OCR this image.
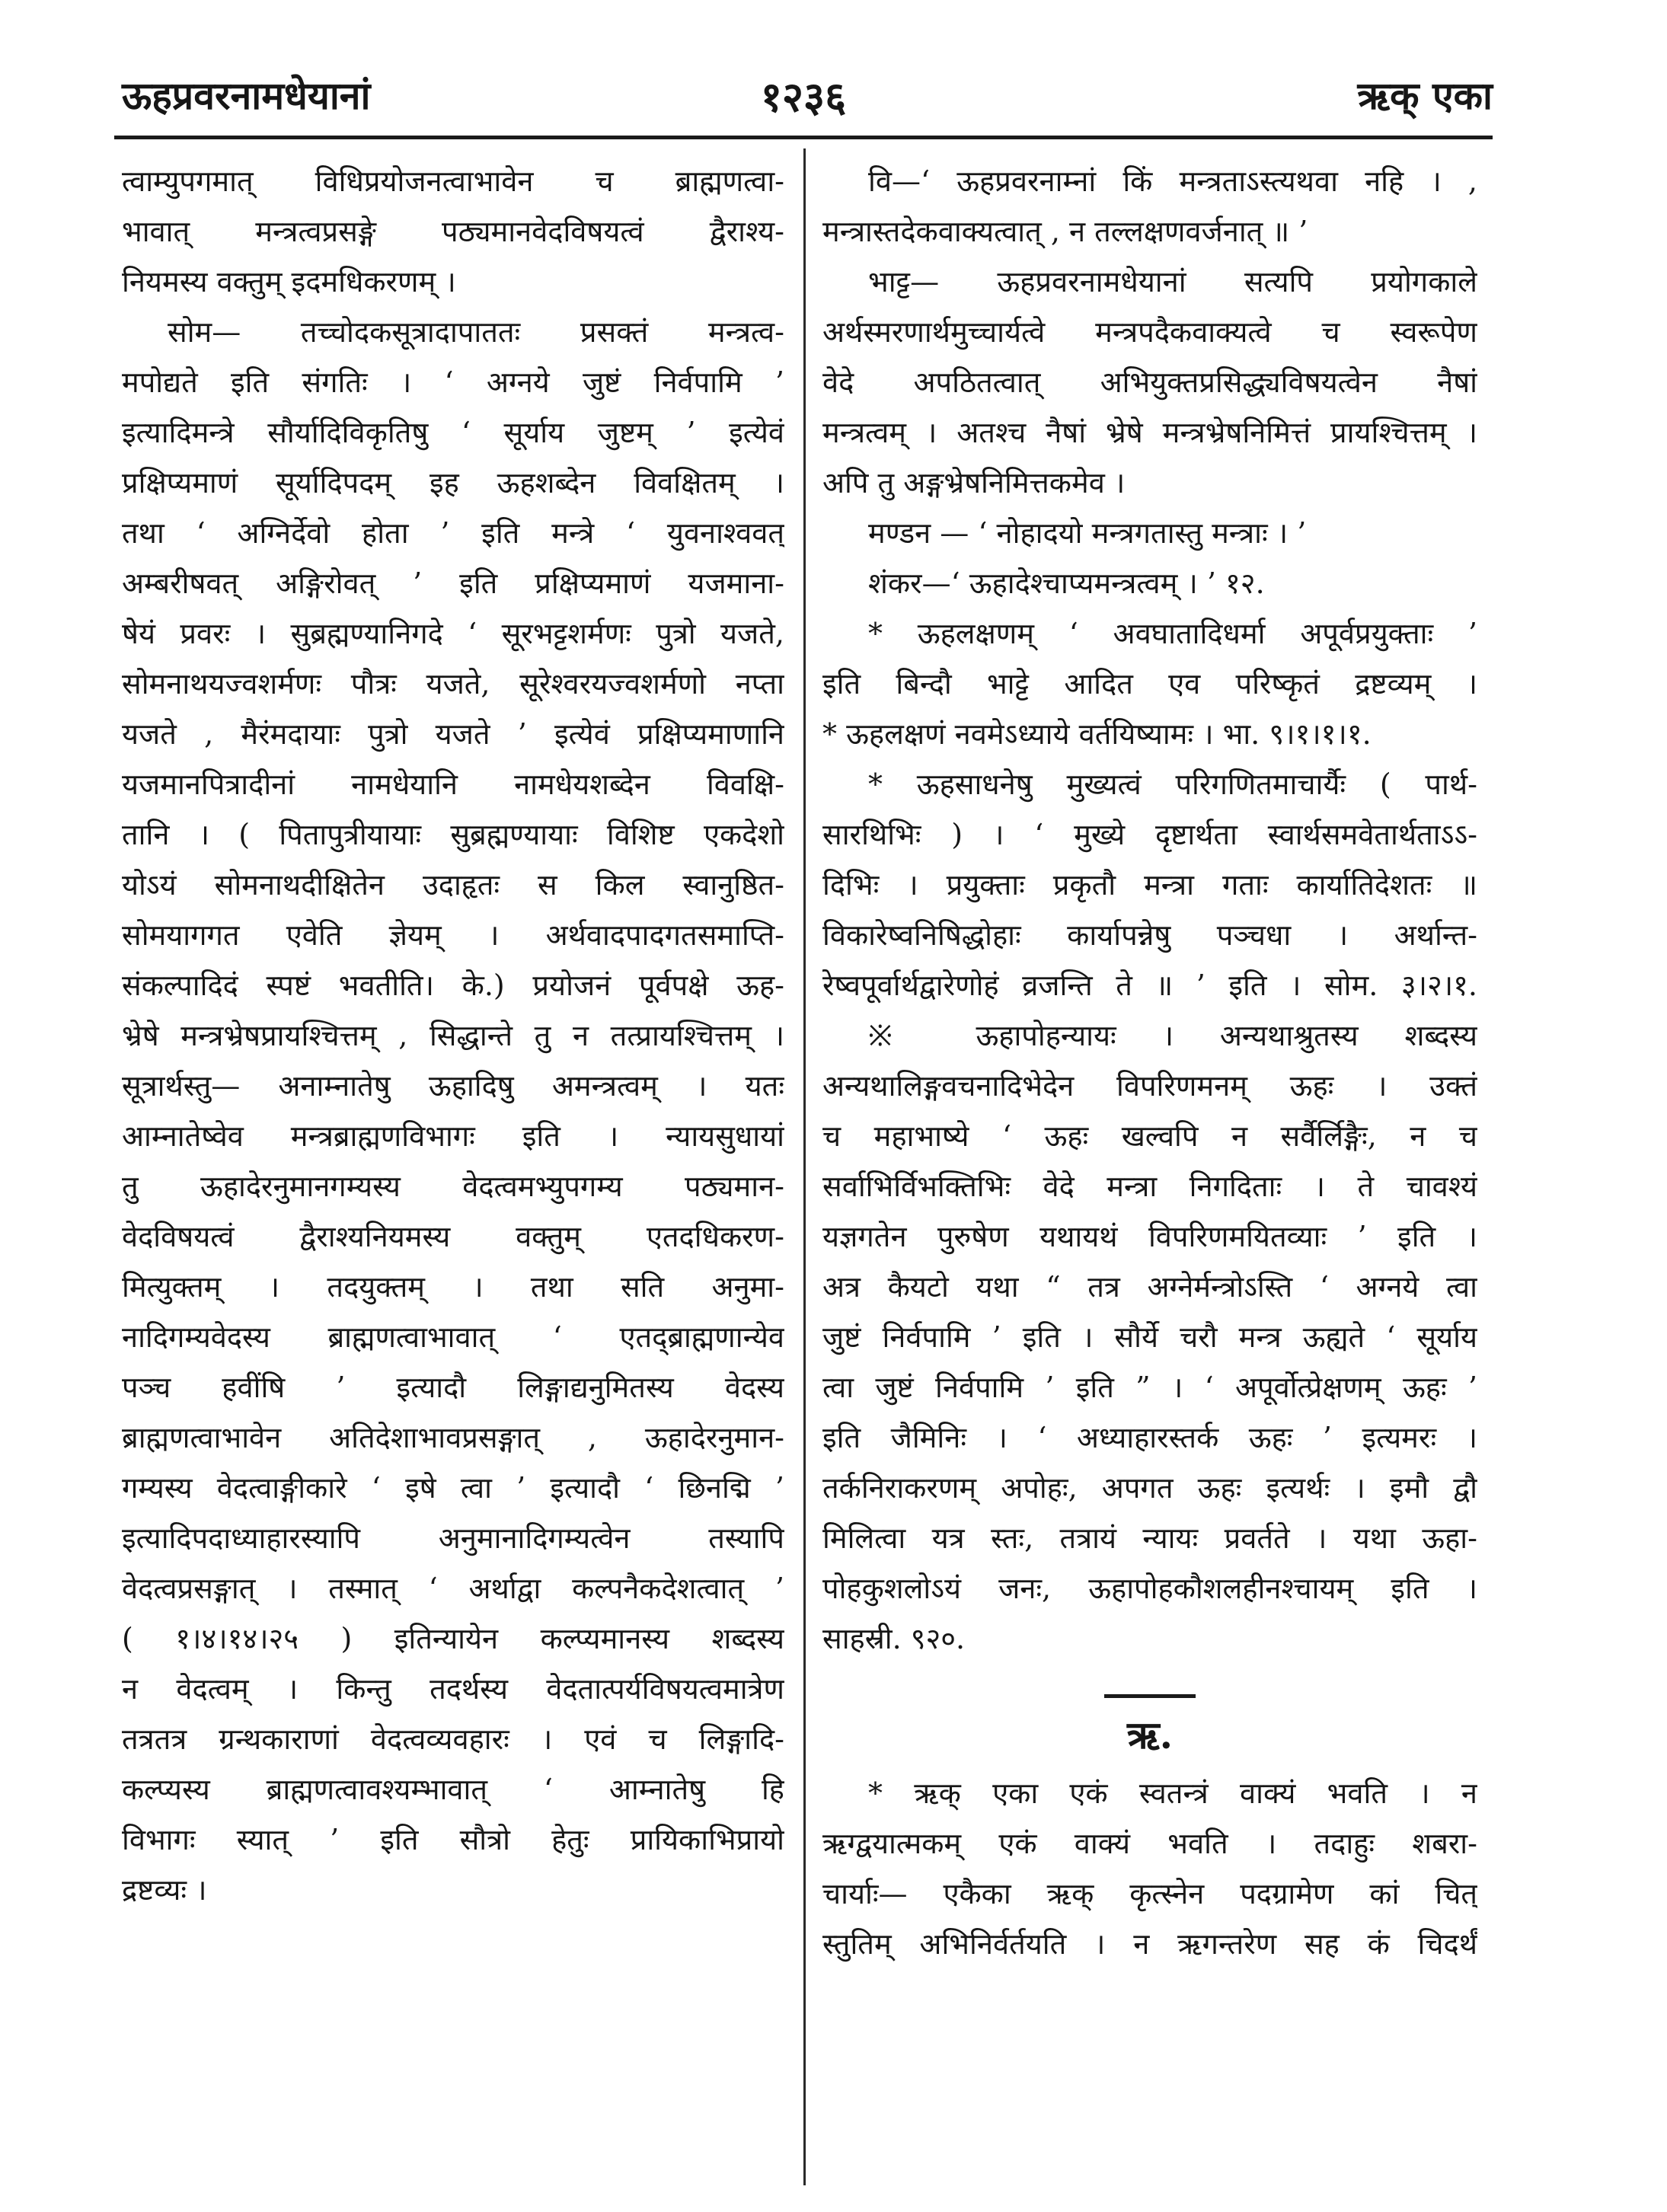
ऊहप्रवरनामधेयानां	१२३६	ऋक् एका
त्वाम्युपगमात् विधिप्रयोजनत्वाभावेन च ब्राह्मणत्वा-
भावात् मन्त्रत्वप्रसङ्गे पठ्यमानवेदविषयत्वं द्वैराश्य-
नियमस्य वक्तुम् इदमधिकरणम् ।
सोम— तच्चोदकसूत्रादापाततः प्रसक्तं मन्त्रत्व-
मपोद्यते इति संगतिः । ‘ अग्नये जुष्टं निर्वपामि ’
इत्यादिमन्त्रे सौर्यादिविकृतिषु ‘ सूर्याय जुष्टम् ’ इत्येवं
प्रक्षिप्यमाणं सूर्यादिपदम् इह ऊहशब्देन विवक्षितम् ।
तथा ‘ अग्निर्देवो होता ’ इति मन्त्रे ‘ युवनाश्ववत्
अम्बरीषवत् अङ्गिरोवत् ’ इति प्रक्षिप्यमाणं यजमाना-
षेयं प्रवरः । सुब्रह्मण्यानिगदे ‘ सूरभट्टशर्मणः पुत्रो यजते,
सोमनाथयज्वशर्मणः पौत्रः यजते, सूरेश्वरयज्वशर्मणो नप्ता
यजते , मैरंमदायाः पुत्रो यजते ’ इत्येवं प्रक्षिप्यमाणानि
यजमानपित्रादीनां नामधेयानि नामधेयशब्देन विवक्षि-
तानि । ( पितापुत्रीयायाः सुब्रह्मण्यायाः विशिष्ट एकदेशो
योऽयं सोमनाथदीक्षितेन उदाहृतः स किल स्वानुष्ठित-
सोमयागगत एवेति ज्ञेयम् । अर्थवादपादगतसमाप्ति-
संकल्पादिदं स्पष्टं भवतीति। के.) प्रयोजनं पूर्वपक्षे ऊह-
भ्रेषे मन्त्रभ्रेषप्रायश्चित्तम् , सिद्धान्ते तु न तत्प्रायश्चित्तम् ।
सूत्रार्थस्तु— अनाम्नातेषु ऊहादिषु अमन्त्रत्वम् । यतः
आम्नातेष्वेव मन्त्रब्राह्मणविभागः इति । न्यायसुधायां
तु ऊहादेरनुमानगम्यस्य वेदत्वमभ्युपगम्य पठ्यमान-
वेदविषयत्वं द्वैराश्यनियमस्य वक्तुम् एतदधिकरण-
मित्युक्तम् । तदयुक्तम् । तथा सति अनुमा-
नादिगम्यवेदस्य ब्राह्मणत्वाभावात् ‘ एतद्ब्राह्मणान्येव
पञ्च हवींषि ’ इत्यादौ लिङ्गाद्यनुमितस्य वेदस्य
ब्राह्मणत्वाभावेन अतिदेशाभावप्रसङ्गात् , ऊहादेरनुमान-
गम्यस्य वेदत्वाङ्गीकारे ‘ इषे त्वा ’ इत्यादौ ‘ छिनद्मि ’
इत्यादिपदाध्याहारस्यापि अनुमानादिगम्यत्वेन तस्यापि
वेदत्वप्रसङ्गात् । तस्मात् ‘ अर्थाद्वा कल्पनैकदेशत्वात् ’
( १।४।१४।२५ ) इतिन्यायेन कल्प्यमानस्य शब्दस्य
न वेदत्वम् । किन्तु तदर्थस्य वेदतात्पर्यविषयत्वमात्रेण
तत्रतत्र ग्रन्थकाराणां वेदत्वव्यवहारः । एवं च लिङ्गादि-
कल्प्यस्य ब्राह्मणत्वावश्यम्भावात् ‘ आम्नातेषु हि
विभागः स्यात् ’ इति सौत्रो हेतुः प्रायिकाभिप्रायो
द्रष्टव्यः ।
वि—‘ ऊहप्रवरनाम्नां किं मन्त्रताऽस्त्यथवा नहि । ,
मन्त्रास्तदेकवाक्यत्वात् , न तल्लक्षणवर्जनात् ॥ ’
भाट्ट— ऊहप्रवरनामधेयानां सत्यपि प्रयोगकाले
अर्थस्मरणार्थमुच्चार्यत्वे मन्त्रपदैकवाक्यत्वे च स्वरूपेण
वेदे अपठितत्वात् अभियुक्तप्रसिद्ध्यविषयत्वेन नैषां
मन्त्रत्वम् । अतश्च नैषां भ्रेषे मन्त्रभ्रेषनिमित्तं प्रायश्चित्तम् ।
अपि तु अङ्गभ्रेषनिमित्तकमेव ।
मण्डन — ‘ नोहादयो मन्त्रगतास्तु मन्त्राः । ’
शंकर—‘ ऊहादेश्चाप्यमन्त्रत्वम् । ’ १२.
* ऊहलक्षणम् ‘ अवघातादिधर्मा अपूर्वप्रयुक्ताः ’
इति बिन्दौ भाट्टे आदित एव परिष्कृतं द्रष्टव्यम् ।
* ऊहलक्षणं नवमेऽध्याये वर्तयिष्यामः । भा. ९।१।१।१.
* ऊहसाधनेषु मुख्यत्वं परिगणितमाचार्यैः ( पार्थ-
सारथिभिः ) । ‘ मुख्ये दृष्टार्थता स्वार्थसमवेतार्थताऽऽ-
दिभिः । प्रयुक्ताः प्रकृतौ मन्त्रा गताः कार्यातिदेशतः ॥
विकारेष्वनिषिद्धोहाः कार्यापन्नेषु पञ्चधा । अर्थान्त-
रेष्वपूर्वार्थद्वारेणोहं व्रजन्ति ते ॥ ’ इति । सोम. ३।२।१.
※ ऊहापोहन्यायः । अन्यथाश्रुतस्य शब्दस्य
अन्यथालिङ्गवचनादिभेदेन विपरिणमनम् ऊहः । उक्तं
च महाभाष्ये ‘ ऊहः खल्वपि न सर्वैर्लिङ्गैः, न च
सर्वाभिर्विभक्तिभिः वेदे मन्त्रा निगदिताः । ते चावश्यं
यज्ञगतेन पुरुषेण यथायथं विपरिणमयितव्याः ’ इति ।
अत्र कैयटो यथा “ तत्र अग्नेर्मन्त्रोऽस्ति ‘ अग्नये त्वा
जुष्टं निर्वपामि ’ इति । सौर्ये चरौ मन्त्र ऊह्यते ‘ सूर्याय
त्वा जुष्टं निर्वपामि ’ इति ” । ‘ अपूर्वोत्प्रेक्षणम् ऊहः ’
इति जैमिनिः । ‘ अध्याहारस्तर्क ऊहः ’ इत्यमरः ।
तर्कनिराकरणम् अपोहः, अपगत ऊहः इत्यर्थः । इमौ द्वौ
मिलित्वा यत्र स्तः, तत्रायं न्यायः प्रवर्तते । यथा ऊहा-
पोहकुशलोऽयं जनः, ऊहापोहकौशलहीनश्चायम् इति ।
साहस्री. ९२०.
ऋ.
* ऋक् एका एकं स्वतन्त्रं वाक्यं भवति । न
ऋग्द्वयात्मकम् एकं वाक्यं भवति । तदाहुः शबरा-
चार्याः— एकैका ऋक् कृत्स्नेन पदग्रामेण कां चित्
स्तुतिम् अभिनिर्वर्तयति । न ऋगन्तरेण सह कं चिदर्थं
